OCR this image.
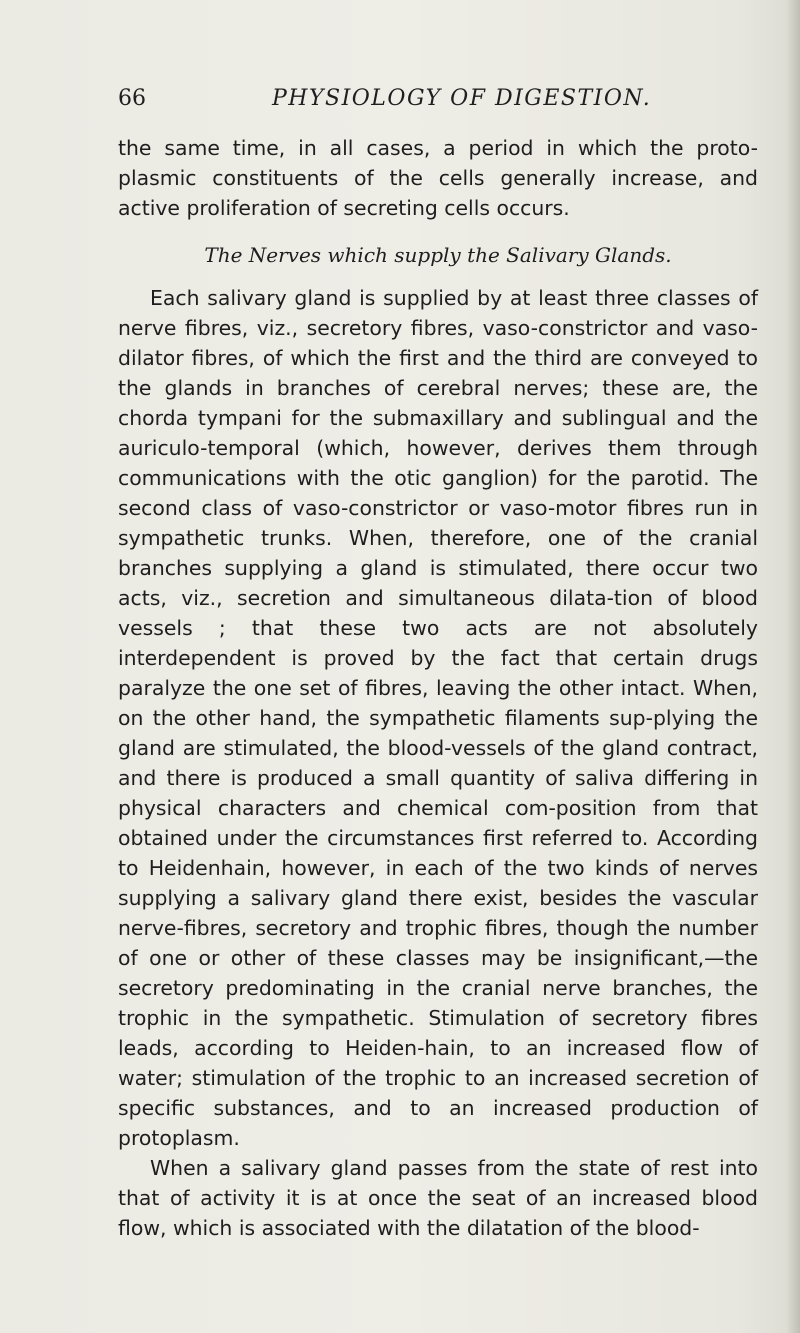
66	PHYSIOLOGY OF DIGESTION.

the same time, in all cases, a period in which the proto-plasmic constituents of the cells generally increase, and active proliferation of secreting cells occurs.

The Nerves which supply the Salivary Glands.

Each salivary gland is supplied by at least three classes of nerve fibres, viz., secretory fibres, vaso-constrictor and vaso-dilator fibres, of which the first and the third are conveyed to the glands in branches of cerebral nerves; these are, the chorda tympani for the submaxillary and sublingual and the auriculo-temporal (which, however, derives them through communications with the otic ganglion) for the parotid. The second class of vaso-constrictor or vaso-motor fibres run in sympathetic trunks. When, therefore, one of the cranial branches supplying a gland is stimulated, there occur two acts, viz., secretion and simultaneous dilata-tion of blood vessels ; that these two acts are not absolutely interdependent is proved by the fact that certain drugs paralyze the one set of fibres, leaving the other intact. When, on the other hand, the sympathetic filaments sup-plying the gland are stimulated, the blood-vessels of the gland contract, and there is produced a small quantity of saliva differing in physical characters and chemical com-position from that obtained under the circumstances first referred to. According to Heidenhain, however, in each of the two kinds of nerves supplying a salivary gland there exist, besides the vascular nerve-fibres, secretory and trophic fibres, though the number of one or other of these classes may be insignificant,—the secretory predominating in the cranial nerve branches, the trophic in the sympathetic. Stimulation of secretory fibres leads, according to Heiden-hain, to an increased flow of water; stimulation of the trophic to an increased secretion of specific substances, and to an increased production of protoplasm.

When a salivary gland passes from the state of rest into that of activity it is at once the seat of an increased blood flow, which is associated with the dilatation of the blood-
